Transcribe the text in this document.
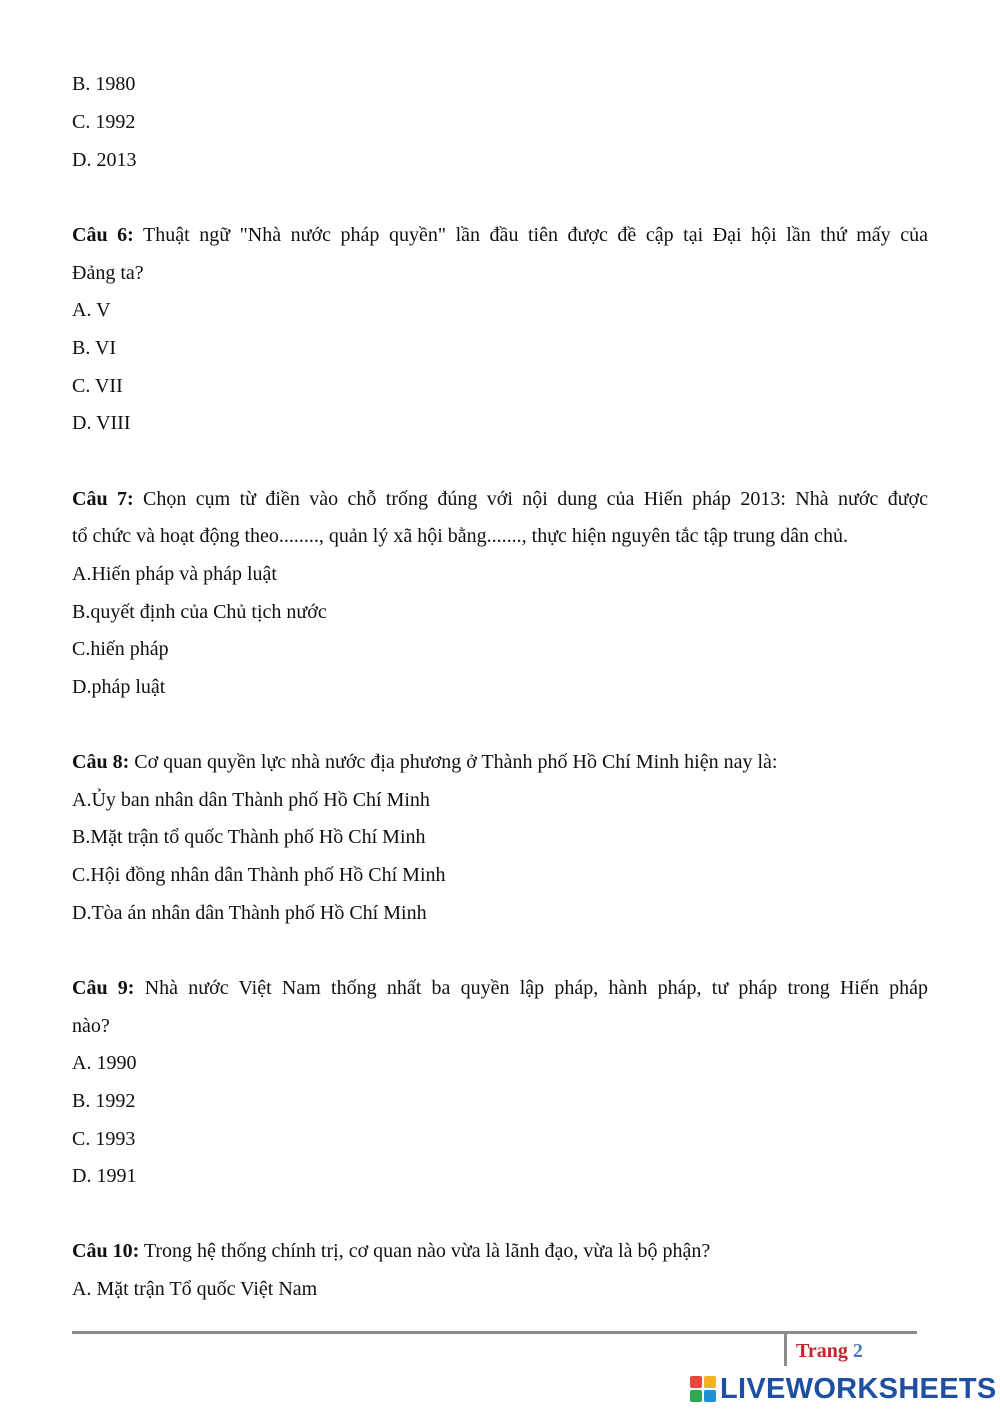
B. 1980

C. 1992

D. 2013

Câu 6: Thuật ngữ "Nhà nước pháp quyền" lần đầu tiên được đề cập tại Đại hội lần thứ mấy của

Đảng ta?

A. V

B. VI

C. VII

D. VIII

Câu 7: Chọn cụm từ điền vào chỗ trống đúng với nội dung của Hiến pháp 2013: Nhà nước được

tổ chức và hoạt động theo........, quản lý xã hội bằng......., thực hiện nguyên tắc tập trung dân chủ.

A.Hiến pháp và pháp luật

B.quyết định của Chủ tịch nước

C.hiến pháp

D.pháp luật

Câu 8: Cơ quan quyền lực nhà nước địa phương ở Thành phố Hồ Chí Minh hiện nay là:

A.Ủy ban nhân dân Thành phố Hồ Chí Minh

B.Mặt trận tổ quốc Thành phố Hồ Chí Minh

C.Hội đồng nhân dân Thành phố Hồ Chí Minh

D.Tòa án nhân dân Thành phố Hồ Chí Minh

Câu 9: Nhà nước Việt Nam thống nhất ba quyền lập pháp, hành pháp, tư pháp trong Hiến pháp

nào?

A. 1990

B. 1992

C. 1993

D. 1991

Câu 10: Trong hệ thống chính trị, cơ quan nào vừa là lãnh đạo, vừa là bộ phận?

A. Mặt trận Tổ quốc Việt Nam

Trang 2
LIVEWORKSHEETS
